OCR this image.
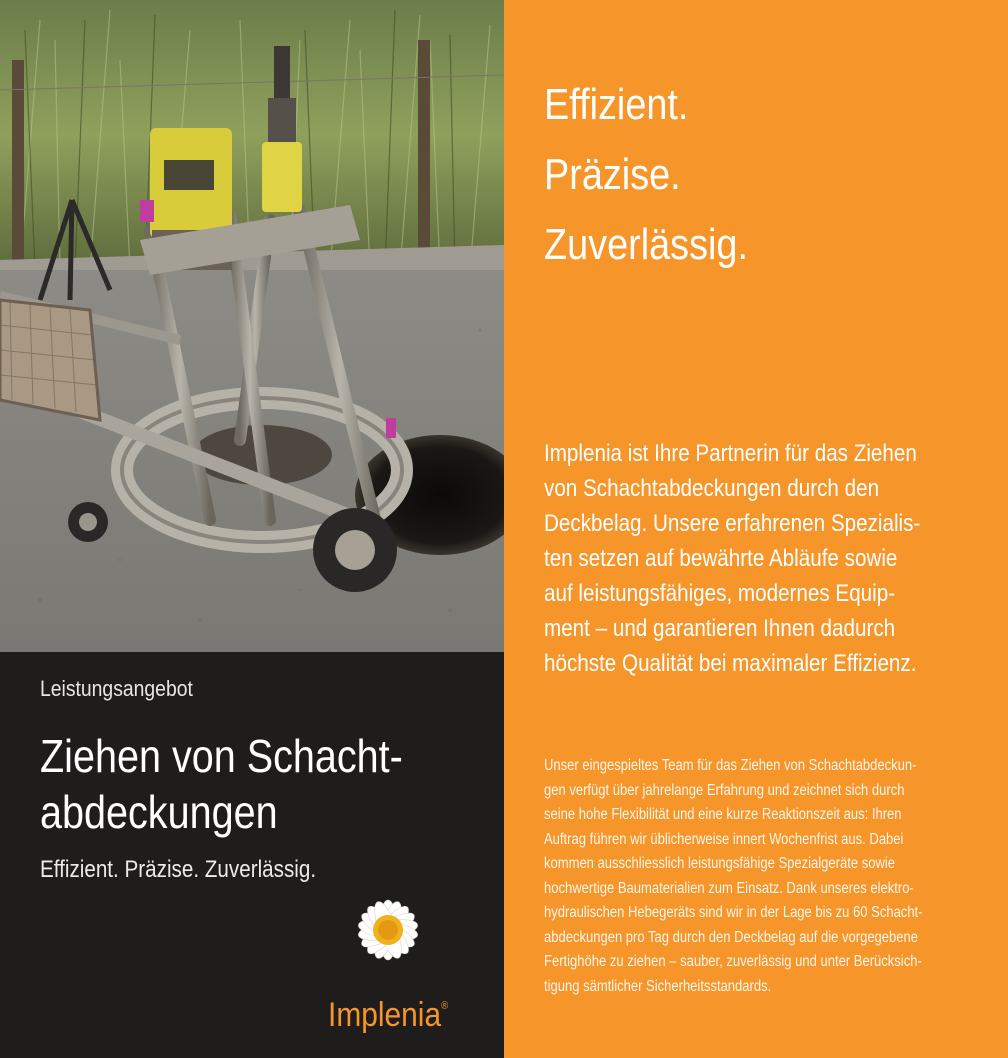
Leistungsangebot
Ziehen von Schacht-
abdeckungen
Effizient. Präzise. Zuverlässig.
Implenia®
Effizient.
Präzise.
Zuverlässig.
Implenia ist Ihre Partnerin für das Ziehen
von Schachtabdeckungen durch den
Deckbelag. Unsere erfahrenen Spezialis-
ten setzen auf bewährte Abläufe sowie
auf leistungsfähiges, modernes Equip-
ment – und garantieren Ihnen dadurch
höchste Qualität bei maximaler Effizienz.
Unser eingespieltes Team für das Ziehen von Schachtabdeckun-
gen verfügt über jahrelange Erfahrung und zeichnet sich durch
seine hohe Flexibilität und eine kurze Reaktionszeit aus: Ihren
Auftrag führen wir üblicherweise innert Wochenfrist aus. Dabei
kommen ausschliesslich leistungsfähige Spezialgeräte sowie
hochwertige Baumaterialien zum Einsatz. Dank unseres elektro-
hydraulischen Hebegeräts sind wir in der Lage bis zu 60 Schacht-
abdeckungen pro Tag durch den Deckbelag auf die vorgegebene
Fertighöhe zu ziehen – sauber, zuverlässig und unter Berücksich-
tigung sämtlicher Sicherheitsstandards.
